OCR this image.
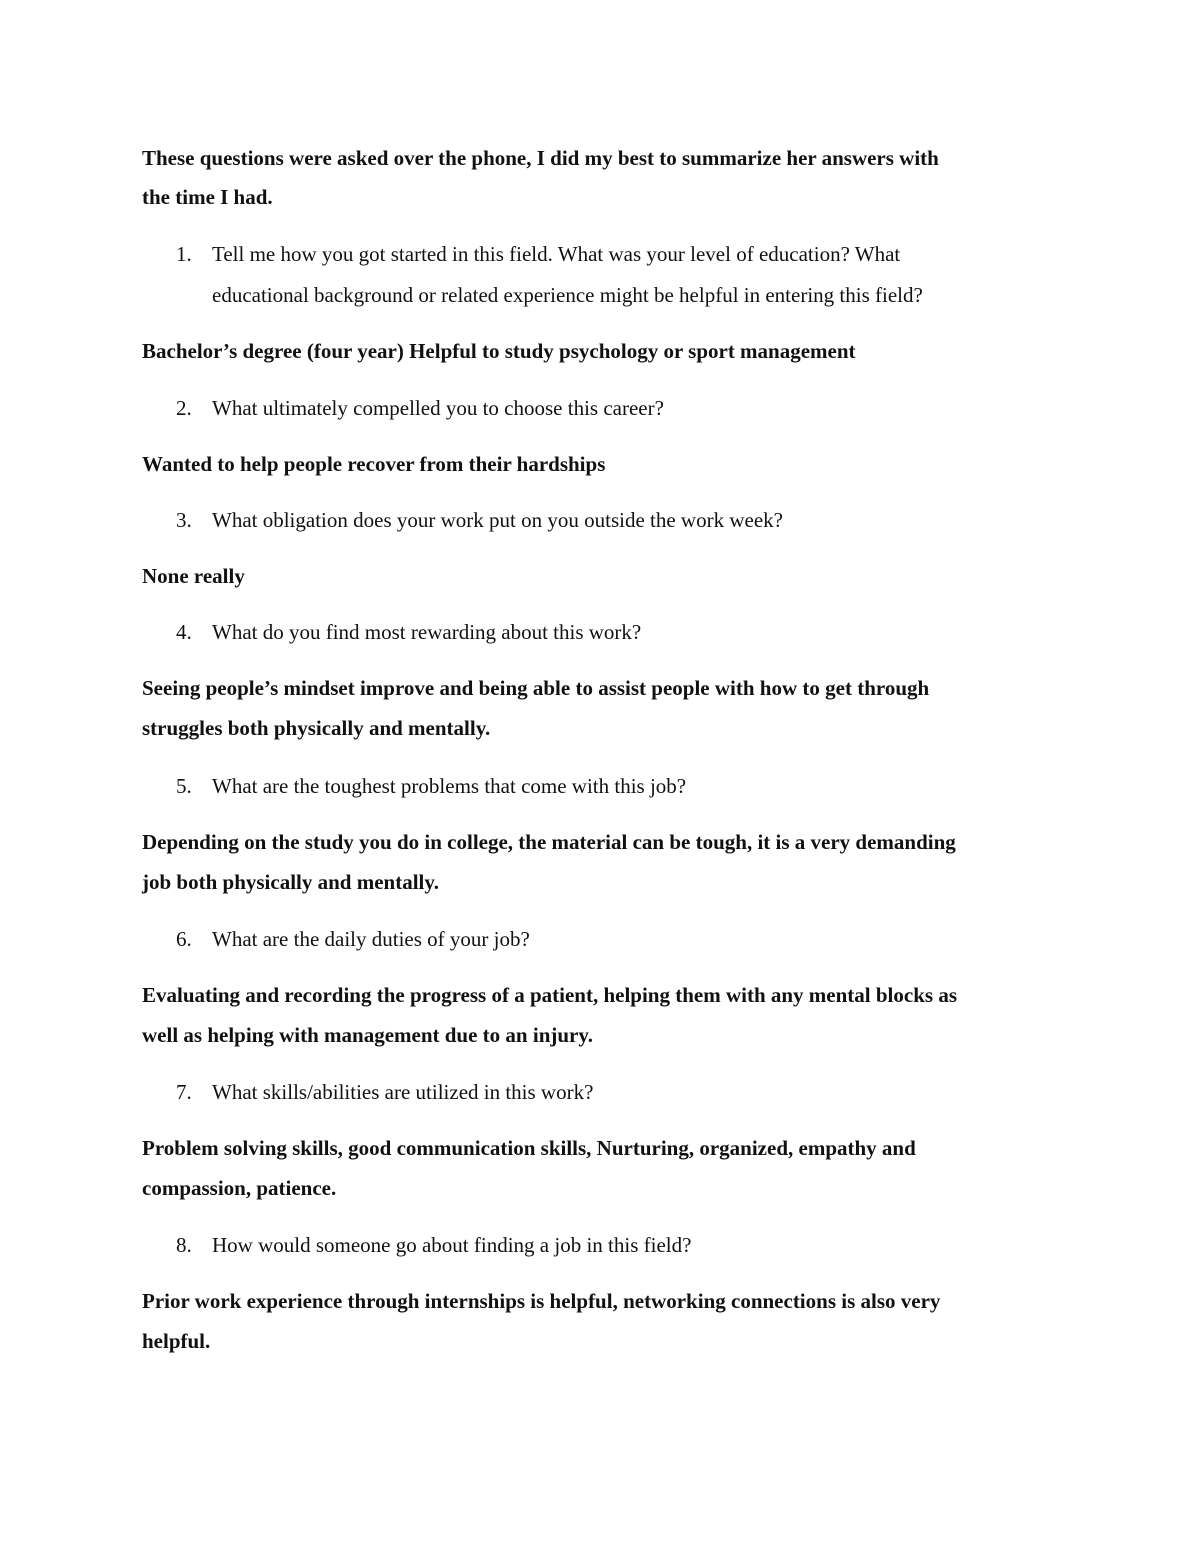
These questions were asked over the phone, I did my best to summarize her answers with
the time I had.
1. Tell me how you got started in this field. What was your level of education? What
educational background or related experience might be helpful in entering this field?
Bachelor’s degree (four year) Helpful to study psychology or sport management
2. What ultimately compelled you to choose this career?
Wanted to help people recover from their hardships
3. What obligation does your work put on you outside the work week?
None really
4. What do you find most rewarding about this work?
Seeing people’s mindset improve and being able to assist people with how to get through
struggles both physically and mentally.
5. What are the toughest problems that come with this job?
Depending on the study you do in college, the material can be tough, it is a very demanding
job both physically and mentally.
6. What are the daily duties of your job?
Evaluating and recording the progress of a patient, helping them with any mental blocks as
well as helping with management due to an injury.
7. What skills/abilities are utilized in this work?
Problem solving skills, good communication skills, Nurturing, organized, empathy and
compassion, patience.
8. How would someone go about finding a job in this field?
Prior work experience through internships is helpful, networking connections is also very
helpful.
